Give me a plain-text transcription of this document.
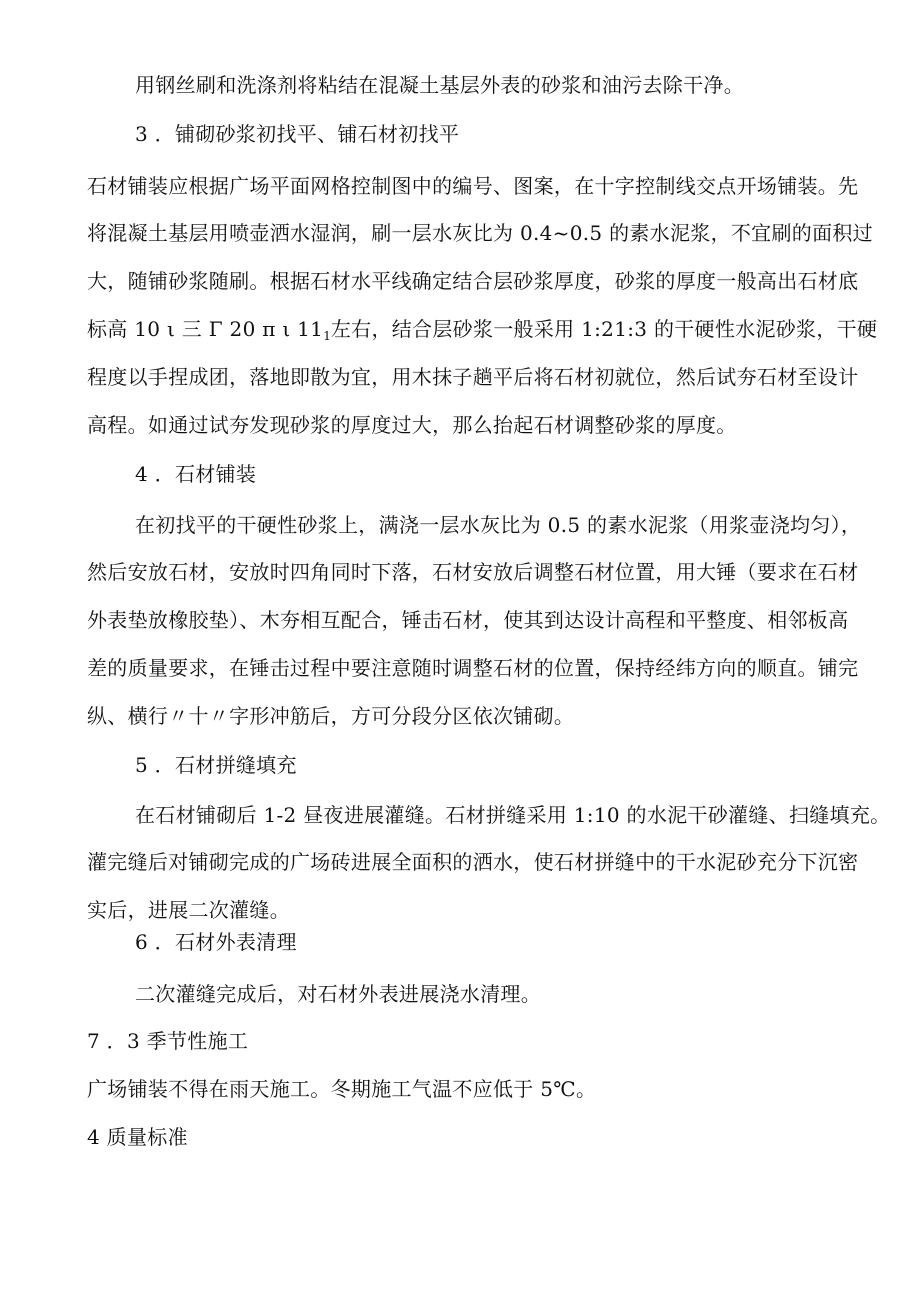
用钢丝刷和洗涤剂将粘结在混凝土基层外表的砂浆和油污去除干净。
3 ．铺砌砂浆初找平、铺石材初找平
石材铺装应根据广场平面网格控制图中的编号、图案，在十字控制线交点开场铺装。先
将混凝土基层用喷壶洒水湿润，刷一层水灰比为 0.4~0.5 的素水泥浆，不宜刷的面积过
大，随铺砂浆随刷。根据石材水平线确定结合层砂浆厚度，砂浆的厚度一般高出石材底
标高 10 ι 三 Γ 20 π ι $11_1$左右，结合层砂浆一般采用 1:21:3 的干硬性水泥砂浆，干硬
程度以手捏成团，落地即散为宜，用木抹子趟平后将石材初就位，然后试夯石材至设计
高程。如通过试夯发现砂浆的厚度过大，那么抬起石材调整砂浆的厚度。
4 ．石材铺装
在初找平的干硬性砂浆上，满浇一层水灰比为 0.5 的素水泥浆（用浆壶浇均匀），
然后安放石材，安放时四角同时下落，石材安放后调整石材位置，用大锤（要求在石材
外表垫放橡胶垫）、木夯相互配合，锤击石材，使其到达设计高程和平整度、相邻板高
差的质量要求，在锤击过程中要注意随时调整石材的位置，保持经纬方向的顺直。铺完
纵、横行〃十〃字形冲筋后，方可分段分区依次铺砌。
5 ．石材拼缝填充
在石材铺砌后 1-2 昼夜进展灌缝。石材拼缝采用 1:10 的水泥干砂灌缝、扫缝填充。
灌完缝后对铺砌完成的广场砖进展全面积的洒水，使石材拼缝中的干水泥砂充分下沉密
实后，进展二次灌缝。
6 ．石材外表清理
二次灌缝完成后，对石材外表进展浇水清理。
7 ．3 季节性施工
广场铺装不得在雨天施工。冬期施工气温不应低于 5℃。
4 质量标准
